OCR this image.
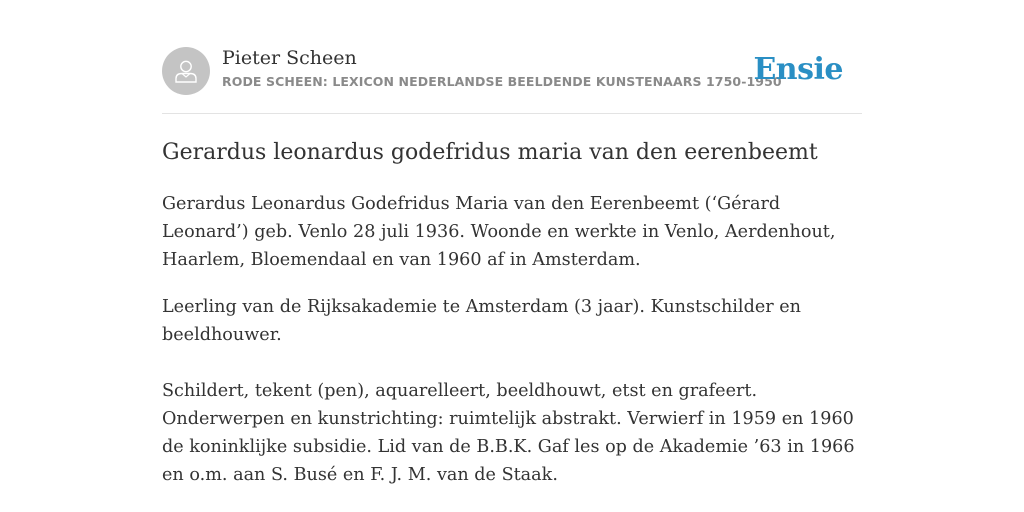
Pieter Scheen
RODE SCHEEN: LEXICON NEDERLANDSE BEELDENDE KUNSTENAARS 1750-1950
Ensie
Gerardus leonardus godefridus maria van den eerenbeemt

Gerardus Leonardus Godefridus Maria van den Eerenbeemt (‘Gérard Leonard’) geb. Venlo 28 juli 1936. Woonde en werkte in Venlo, Aerdenhout, Haarlem, Bloemendaal en van 1960 af in Amsterdam.

Leerling van de Rijksakademie te Amsterdam (3 jaar). Kunstschilder en beeldhouwer.

Schildert, tekent (pen), aquarelleert, beeldhouwt, etst en grafeert. Onderwerpen en kunstrichting: ruimtelijk abstrakt. Verwierf in 1959 en 1960 de koninklijke subsidie. Lid van de B.B.K. Gaf les op de Akademie ’63 in 1966 en o.m. aan S. Busé en F. J. M. van de Staak.
